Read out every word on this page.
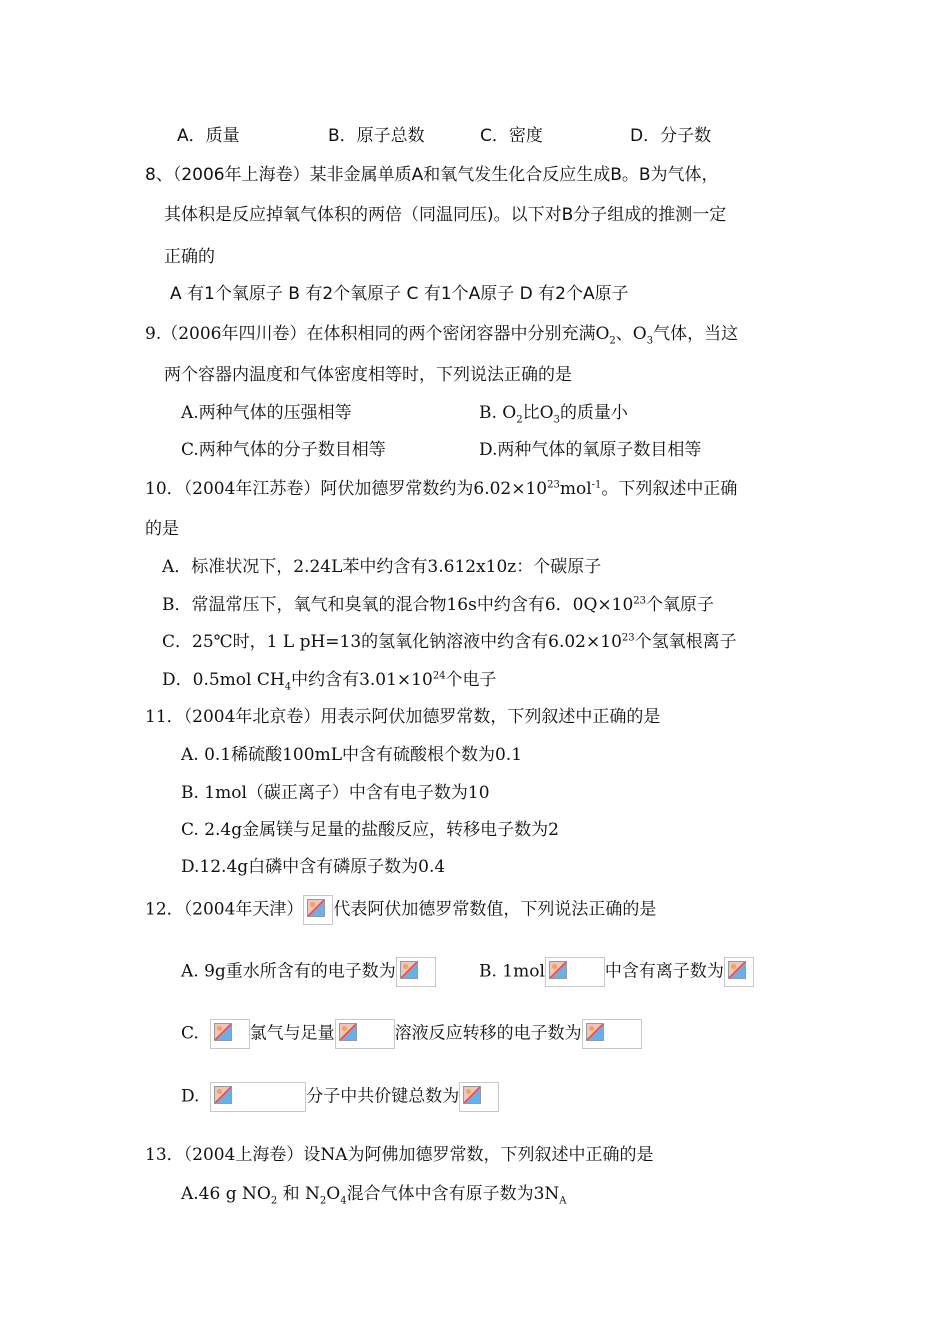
A．质量	B．原子总数	C．密度	D．分子数
8、（2006年上海卷）某非金属单质A和氧气发生化合反应生成B。B为气体，
其体积是反应掉氧气体积的两倍（同温同压)。以下对B分子组成的推测一定
正确的
A 有1个氧原子 B 有2个氧原子 C 有1个A原子 D 有2个A原子
9.（2006年四川卷）在体积相同的两个密闭容器中分别充满$O_2$、$O_3$气体，当这
两个容器内温度和气体密度相等时，下列说法正确的是
A.两种气体的压强相等	B. $O_2$比$O_3$的质量小
C.两种气体的分子数目相等	D.两种气体的氧原子数目相等
10．（2004年江苏卷）阿伏加德罗常数约为$6.02\times 10^{23}mol^{-1}$。下列叙述中正确
的是
A．标准状况下，2.24L苯中约含有3.612x10z：个碳原子
B．常温常压下，氧气和臭氧的混合物16s中约含有6．$0Q\times 10^{23}$个氧原子
C．25℃时，1 L pH=13的氢氧化钠溶液中约含有$6.02\times 10^{23}$个氢氧根离子
D．0.5mol $CH_4$中约含有$3.01\times 10^{24}$个电子
11．（2004年北京卷）用表示阿伏加德罗常数，下列叙述中正确的是
A. 0.1稀硫酸100mL中含有硫酸根个数为0.1
B. 1mol（碳正离子）中含有电子数为10
C. 2.4g金属镁与足量的盐酸反应，转移电子数为2
D.12.4g白磷中含有磷原子数为0.4
12．（2004年天津） 代表阿伏加德罗常数值，下列说法正确的是
A. 9g重水所含有的电子数为	B. 1mol	中含有离子数为
C.	氯气与足量	溶液反应转移的电子数为
D.	分子中共价键总数为
13．（2004上海卷）设NA为阿佛加德罗常数，下列叙述中正确的是
A.46 g $NO_2$ 和 $N_2O_4$混合气体中含有原子数为$3N_A$
